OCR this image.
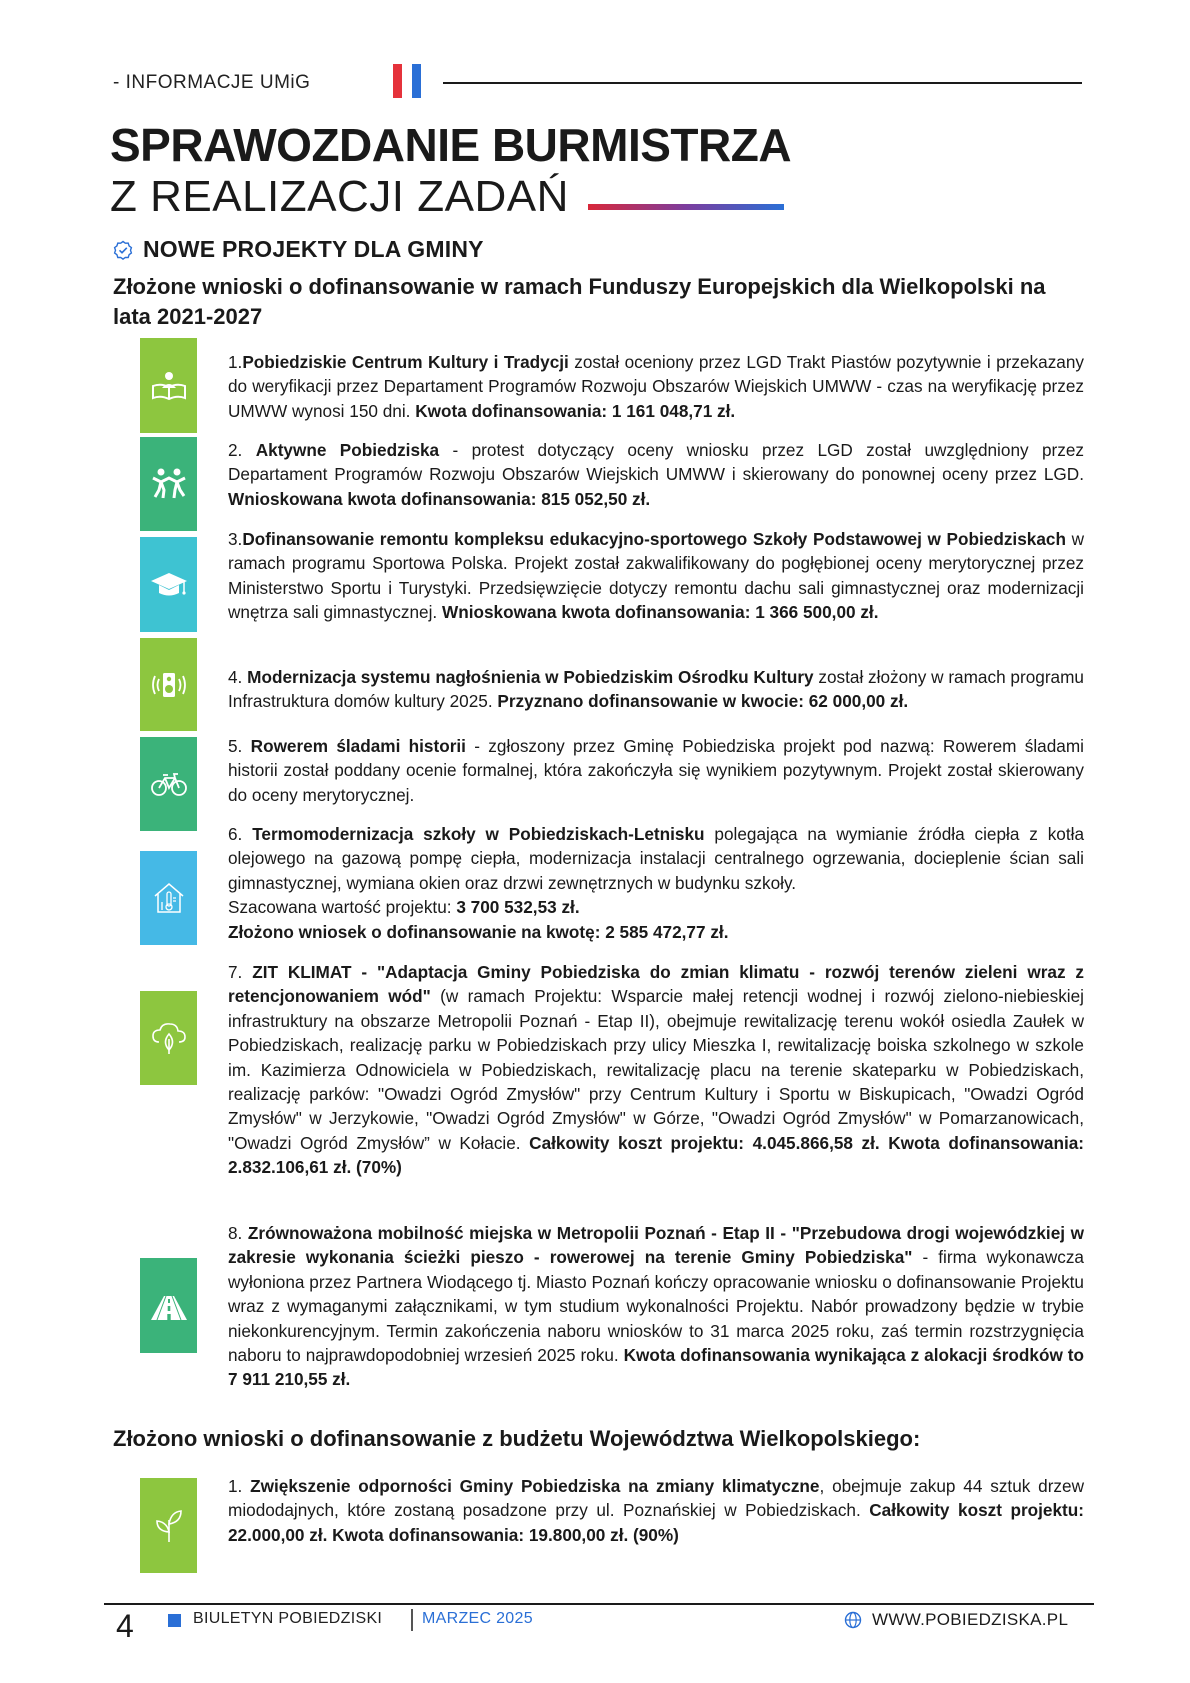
- INFORMACJE UMiG
SPRAWOZDANIE BURMISTRZA
Z REALIZACJI ZADAŃ
NOWE PROJEKTY DLA GMINY
Złożone wnioski o dofinansowanie w ramach Funduszy Europejskich dla Wielkopolski na lata 2021-2027
1.Pobiedziskie Centrum Kultury i Tradycji został oceniony przez LGD Trakt Piastów pozytywnie i przekazany do weryfikacji przez Departament Programów Rozwoju Obszarów Wiejskich UMWW - czas na weryfikację przez UMWW wynosi 150 dni. Kwota dofinansowania: 1 161 048,71 zł.
2. Aktywne Pobiedziska - protest dotyczący oceny wniosku przez LGD został uwzględniony przez Departament Programów Rozwoju Obszarów Wiejskich UMWW i skierowany do ponownej oceny przez LGD. Wnioskowana kwota dofinansowania: 815 052,50 zł.
3.Dofinansowanie remontu kompleksu edukacyjno-sportowego Szkoły Podstawowej w Pobiedziskach w ramach programu Sportowa Polska. Projekt został zakwalifikowany do pogłębionej oceny merytorycznej przez Ministerstwo Sportu i Turystyki. Przedsięwzięcie dotyczy remontu dachu sali gimnastycznej oraz modernizacji wnętrza sali gimnastycznej. Wnioskowana kwota dofinansowania: 1 366 500,00 zł.
4. Modernizacja systemu nagłośnienia w Pobiedziskim Ośrodku Kultury został złożony w ramach programu Infrastruktura domów kultury 2025. Przyznano dofinansowanie w kwocie: 62 000,00 zł.
5. Rowerem śladami historii - zgłoszony przez Gminę Pobiedziska projekt pod nazwą: Rowerem śladami historii został poddany ocenie formalnej, która zakończyła się wynikiem pozytywnym. Projekt został skierowany do oceny merytorycznej.
6. Termomodernizacja szkoły w Pobiedziskach-Letnisku polegająca na wymianie źródła ciepła z kotła olejowego na gazową pompę ciepła, modernizacja instalacji centralnego ogrzewania, docieplenie ścian sali gimnastycznej, wymiana okien oraz drzwi zewnętrznych w budynku szkoły.
Szacowana wartość projektu: 3 700 532,53 zł.
Złożono wniosek o dofinansowanie na kwotę: 2 585 472,77 zł.
7. ZIT KLIMAT - "Adaptacja Gminy Pobiedziska do zmian klimatu - rozwój terenów zieleni wraz z retencjonowaniem wód" (w ramach Projektu: Wsparcie małej retencji wodnej i rozwój zielono-niebieskiej infrastruktury na obszarze Metropolii Poznań - Etap II), obejmuje rewitalizację terenu wokół osiedla Zaułek w Pobiedziskach, realizację parku w Pobiedziskach przy ulicy Mieszka I, rewitalizację boiska szkolnego w szkole im. Kazimierza Odnowiciela w Pobiedziskach, rewitalizację placu na terenie skateparku w Pobiedziskach, realizację parków: "Owadzi Ogród Zmysłów" przy Centrum Kultury i Sportu w Biskupicach, "Owadzi Ogród Zmysłów" w Jerzykowie, "Owadzi Ogród Zmysłów" w Górze, "Owadzi Ogród Zmysłów" w Pomarzanowicach, "Owadzi Ogród Zmysłów” w Kołacie. Całkowity koszt projektu: 4.045.866,58 zł. Kwota dofinansowania: 2.832.106,61 zł. (70%)
8. Zrównoważona mobilność miejska w Metropolii Poznań - Etap II - "Przebudowa drogi wojewódzkiej w zakresie wykonania ścieżki pieszo - rowerowej na terenie Gminy Pobiedziska" - firma wykonawcza wyłoniona przez Partnera Wiodącego tj. Miasto Poznań kończy opracowanie wniosku o dofinansowanie Projektu wraz z wymaganymi załącznikami, w tym studium wykonalności Projektu. Nabór prowadzony będzie w trybie niekonkurencyjnym. Termin zakończenia naboru wniosków to 31 marca 2025 roku, zaś termin rozstrzygnięcia naboru to najprawdopodobniej wrzesień 2025 roku. Kwota dofinansowania wynikająca z alokacji środków to 7 911 210,55 zł.
Złożono wnioski o dofinansowanie z budżetu Województwa Wielkopolskiego:
1. Zwiększenie odporności Gminy Pobiedziska na zmiany klimatyczne, obejmuje zakup 44 sztuk drzew miododajnych, które zostaną posadzone przy ul. Poznańskiej w Pobiedziskach. Całkowity koszt projektu: 22.000,00 zł. Kwota dofinansowania: 19.800,00 zł. (90%)
4	BIULETYN POBIEDZISKI MARZEC 2025	WWW.POBIEDZISKA.PL
